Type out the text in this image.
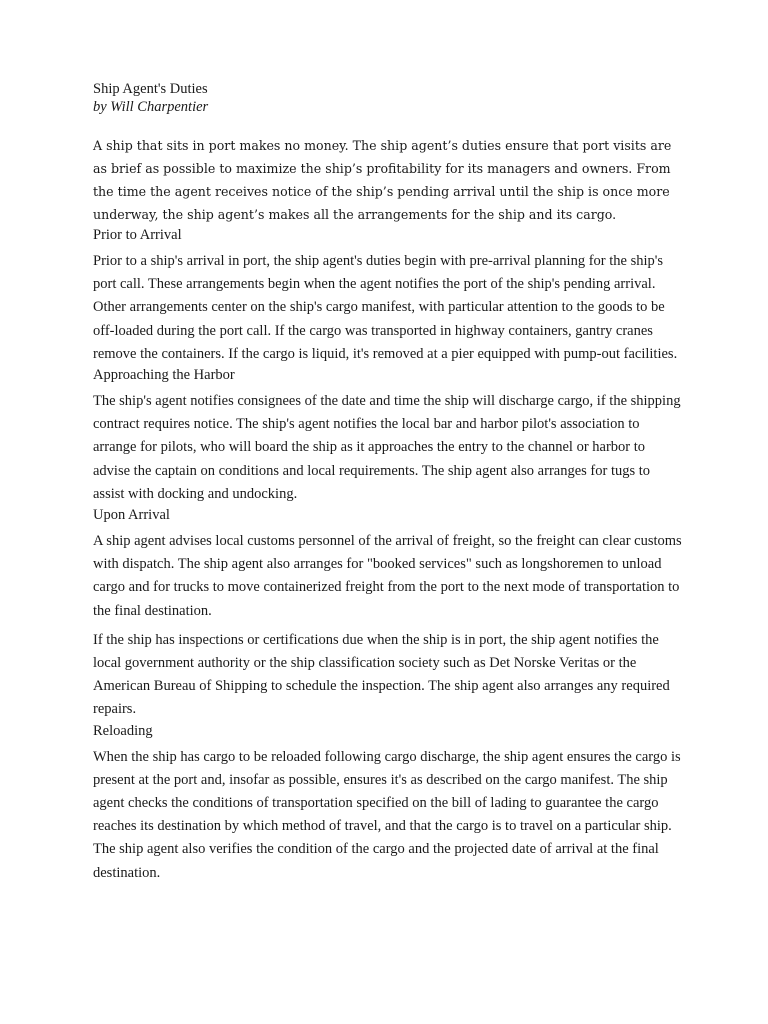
Ship Agent's Duties

by Will Charpentier

A ship that sits in port makes no money. The ship agent’s duties ensure that port visits are as brief as possible to maximize the ship’s profitability for its managers and owners. From the time the agent receives notice of the ship’s pending arrival until the ship is once more underway, the ship agent’s makes all the arrangements for the ship and its cargo.

Prior to Arrival

Prior to a ship's arrival in port, the ship agent's duties begin with pre-arrival planning for the ship's port call. These arrangements begin when the agent notifies the port of the ship's pending arrival. Other arrangements center on the ship's cargo manifest, with particular attention to the goods to be off-loaded during the port call. If the cargo was transported in highway containers, gantry cranes remove the containers. If the cargo is liquid, it's removed at a pier equipped with pump-out facilities.

Approaching the Harbor

The ship's agent notifies consignees of the date and time the ship will discharge cargo, if the shipping contract requires notice. The ship's agent notifies the local bar and harbor pilot's association to arrange for pilots, who will board the ship as it approaches the entry to the channel or harbor to advise the captain on conditions and local requirements. The ship agent also arranges for tugs to assist with docking and undocking.

Upon Arrival

A ship agent advises local customs personnel of the arrival of freight, so the freight can clear customs with dispatch. The ship agent also arranges for "booked services" such as longshoremen to unload cargo and for trucks to move containerized freight from the port to the next mode of transportation to the final destination.

If the ship has inspections or certifications due when the ship is in port, the ship agent notifies the local government authority or the ship classification society such as Det Norske Veritas or the American Bureau of Shipping to schedule the inspection. The ship agent also arranges any required repairs.

Reloading

When the ship has cargo to be reloaded following cargo discharge, the ship agent ensures the cargo is present at the port and, insofar as possible, ensures it's as described on the cargo manifest. The ship agent checks the conditions of transportation specified on the bill of lading to guarantee the cargo reaches its destination by which method of travel, and that the cargo is to travel on a particular ship. The ship agent also verifies the condition of the cargo and the projected date of arrival at the final destination.
